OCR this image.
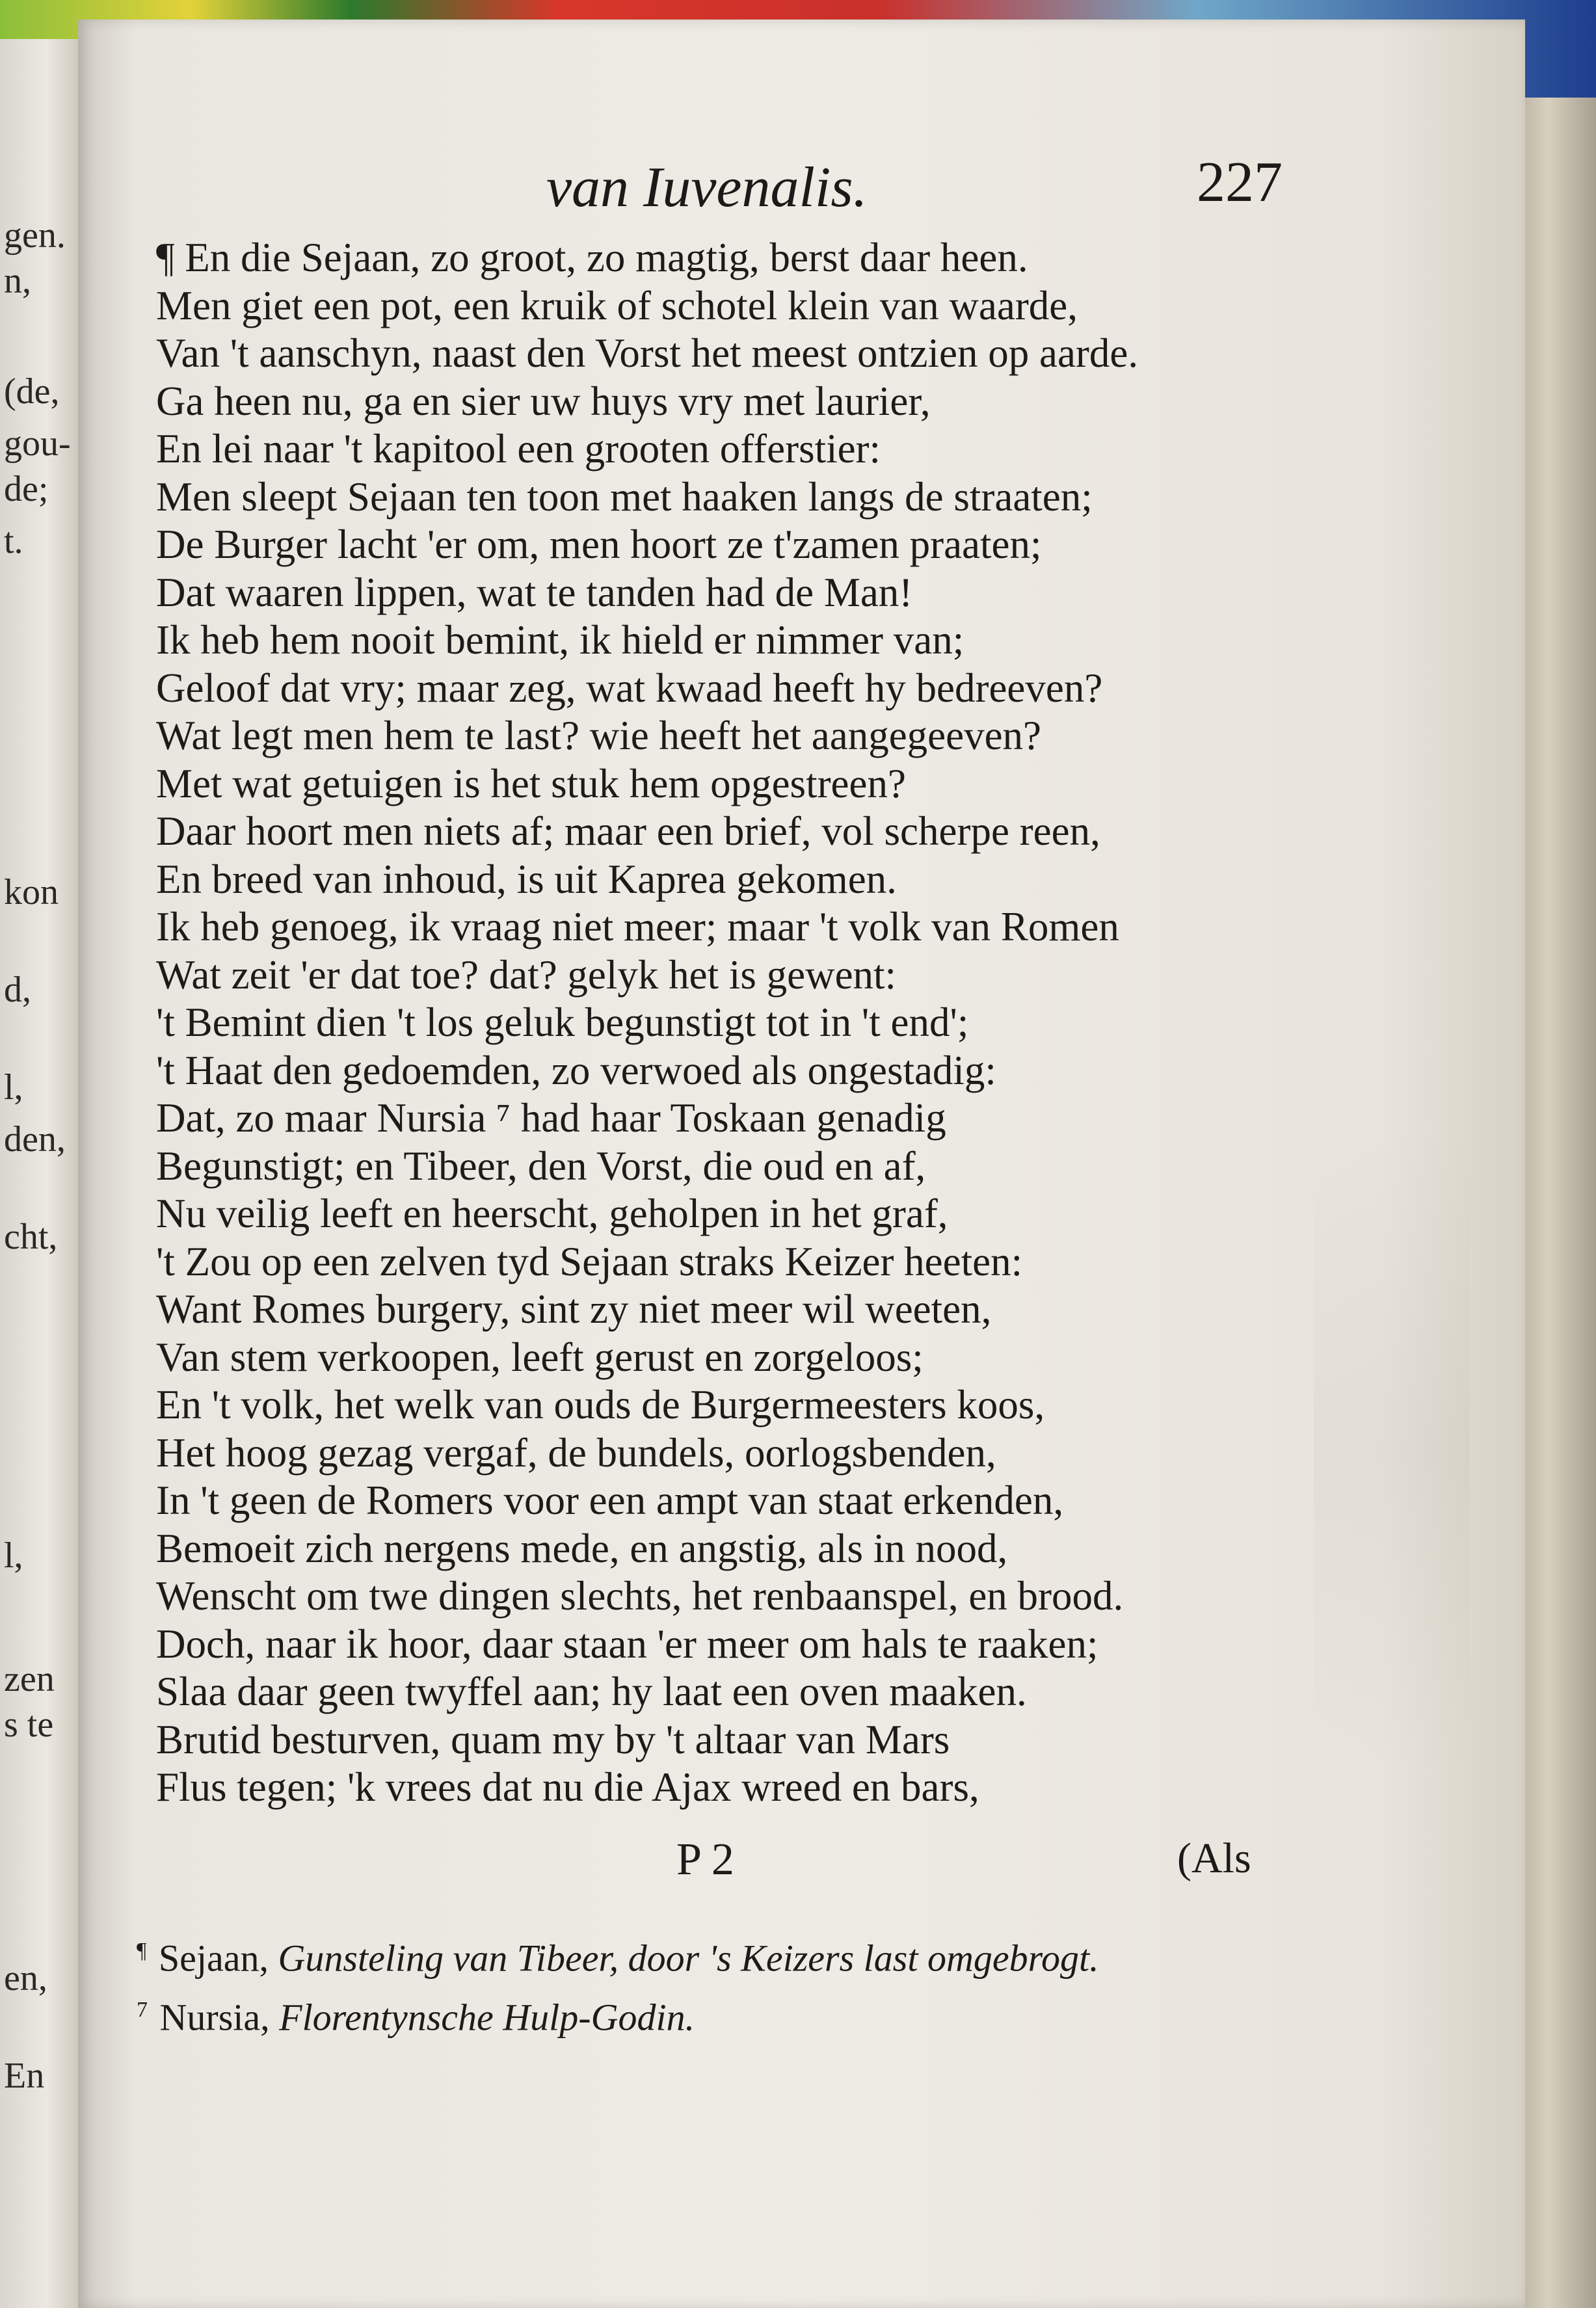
gen.
n,
(de,
gou-
de;
t.
kon
d,
l,
den,
cht,
l,
zen
s te
en,
En
van Iuvenalis.	227
¶ En die Sejaan, zo groot, zo magtig, berst daar heen.
Men giet een pot, een kruik of schotel klein van waarde,
Van 't aanschyn, naast den Vorst het meest ontzien op aarde.
Ga heen nu, ga en sier uw huys vry met laurier,
En lei naar 't kapitool een grooten offerstier:
Men sleept Sejaan ten toon met haaken langs de straaten;
De Burger lacht 'er om, men hoort ze t'zamen praaten;
Dat waaren lippen, wat te tanden had de Man!
Ik heb hem nooit bemint, ik hield er nimmer van;
Geloof dat vry; maar zeg, wat kwaad heeft hy bedreeven?
Wat legt men hem te last? wie heeft het aangegeeven?
Met wat getuigen is het stuk hem opgestreen?
Daar hoort men niets af; maar een brief, vol scherpe reen,
En breed van inhoud, is uit Kaprea gekomen.
Ik heb genoeg, ik vraag niet meer; maar 't volk van Romen
Wat zeit 'er dat toe? dat? gelyk het is gewent:
't Bemint dien 't los geluk begunstigt tot in 't end';
't Haat den gedoemden, zo verwoed als ongestadig:
Dat, zo maar Nursia ⁷ had haar Toskaan genadig
Begunstigt; en Tibeer, den Vorst, die oud en af,
Nu veilig leeft en heerscht, geholpen in het graf,
't Zou op een zelven tyd Sejaan straks Keizer heeten:
Want Romes burgery, sint zy niet meer wil weeten,
Van stem verkoopen, leeft gerust en zorgeloos;
En 't volk, het welk van ouds de Burgermeesters koos,
Het hoog gezag vergaf, de bundels, oorlogsbenden,
In 't geen de Romers voor een ampt van staat erkenden,
Bemoeit zich nergens mede, en angstig, als in nood,
Wenscht om twe dingen slechts, het renbaanspel, en brood.
Doch, naar ik hoor, daar staan 'er meer om hals te raaken;
Slaa daar geen twyffel aan; hy laat een oven maaken.
Brutid besturven, quam my by 't altaar van Mars
Flus tegen; 'k vrees dat nu die Ajax wreed en bars,
P 2	(Als
¶ Sejaan, Gunsteling van Tibeer, door 's Keizers last omgebrogt.
$^7$ Nursia, Florentynsche Hulp-Godin.
